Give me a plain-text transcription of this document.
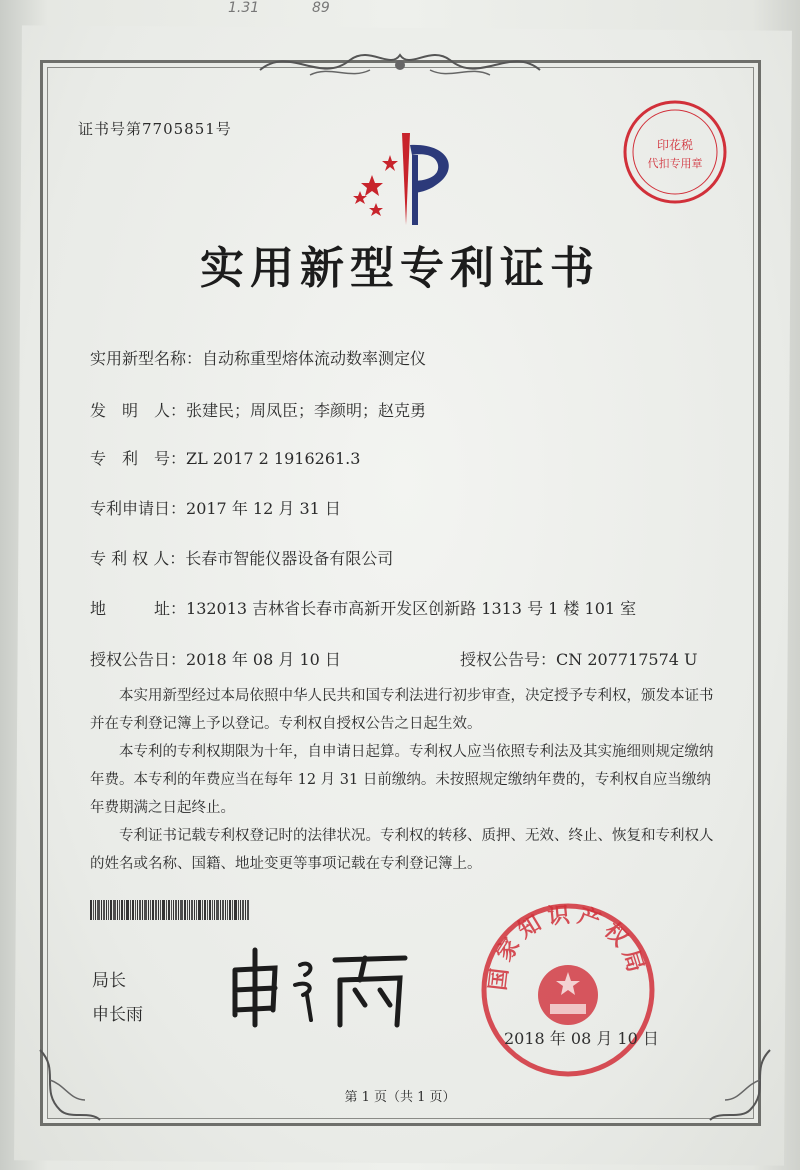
1.31	89
证书号第7705851号
印花税
代扣专用章
实用新型专利证书
实用新型名称：自动称重型熔体流动数率测定仪
发　明　人：张建民；周凤臣；李颜明；赵克勇
专　利　号：ZL 2017 2 1916261.3
专利申请日：2017 年 12 月 31 日
专 利 权 人：长春市智能仪器设备有限公司
地　　　址：132013 吉林省长春市高新开发区创新路 1313 号 1 楼 101 室
授权公告日：2018 年 08 月 10 日	授权公告号：CN 207717574 U

本实用新型经过本局依照中华人民共和国专利法进行初步审查，决定授予专利权，颁发本证书并在专利登记簿上予以登记。专利权自授权公告之日起生效。

本专利的专利权期限为十年，自申请日起算。专利权人应当依照专利法及其实施细则规定缴纳年费。本专利的年费应当在每年 12 月 31 日前缴纳。未按照规定缴纳年费的，专利权自应当缴纳年费期满之日起终止。

专利证书记载专利权登记时的法律状况。专利权的转移、质押、无效、终止、恢复和专利权人的姓名或名称、国籍、地址变更等事项记载在专利登记簿上。

局长
申长雨
国家知识产权局
2018 年 08 月 10 日
第 1 页（共 1 页）
